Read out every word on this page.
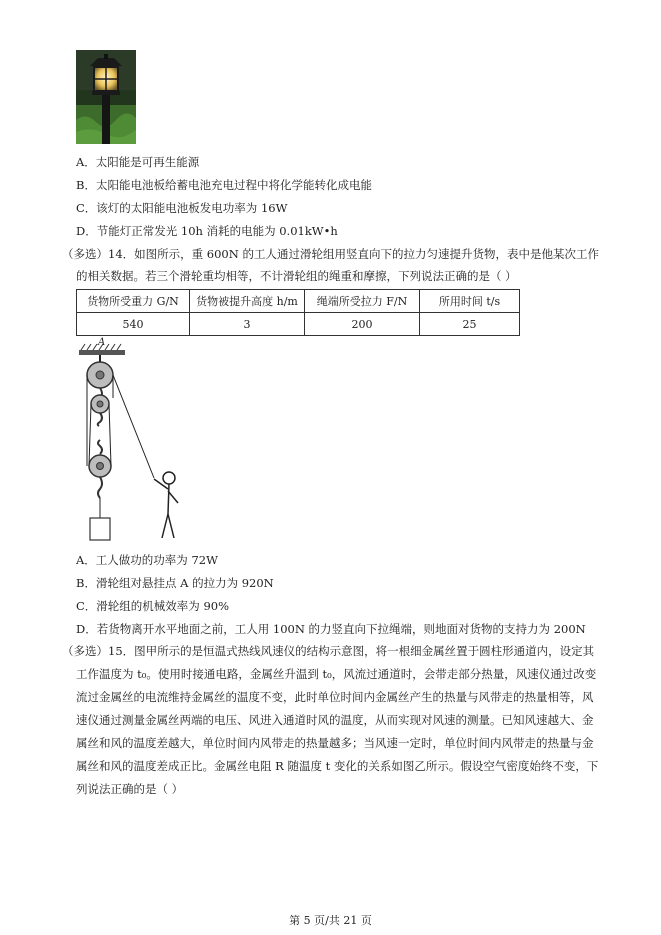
A．太阳能是可再生能源
B．太阳能电池板给蓄电池充电过程中将化学能转化成电能
C．该灯的太阳能电池板发电功率为 16W
D．节能灯正常发光 10h 消耗的电能为 0.01kW•h
（多选）14．如图所示，重 600N 的工人通过滑轮组用竖直向下的拉力匀速提升货物，表中是他某次工作
的相关数据。若三个滑轮重均相等，不计滑轮组的绳重和摩擦，下列说法正确的是（ ）
货物所受重力 G/N	货物被提升高度 h/m	绳端所受拉力 F/N	所用时间 t/s
540	3	200	25
A
A．工人做功的功率为 72W
B．滑轮组对悬挂点 A 的拉力为 920N
C．滑轮组的机械效率为 90%
D．若货物离开水平地面之前，工人用 100N 的力竖直向下拉绳端，则地面对货物的支持力为 200N
（多选）15．图甲所示的是恒温式热线风速仪的结构示意图，将一根细金属丝置于圆柱形通道内，设定其
工作温度为 t₀。使用时接通电路，金属丝升温到 t₀，风流过通道时，会带走部分热量，风速仪通过改变
流过金属丝的电流维持金属丝的温度不变，此时单位时间内金属丝产生的热量与风带走的热量相等，风
速仪通过测量金属丝两端的电压、风进入通道时风的温度，从而实现对风速的测量。已知风速越大、金
属丝和风的温度差越大，单位时间内风带走的热量越多；当风速一定时，单位时间内风带走的热量与金
属丝和风的温度差成正比。金属丝电阻 R 随温度 t 变化的关系如图乙所示。假设空气密度始终不变，下
列说法正确的是（ ）
第 5 页/共 21 页
